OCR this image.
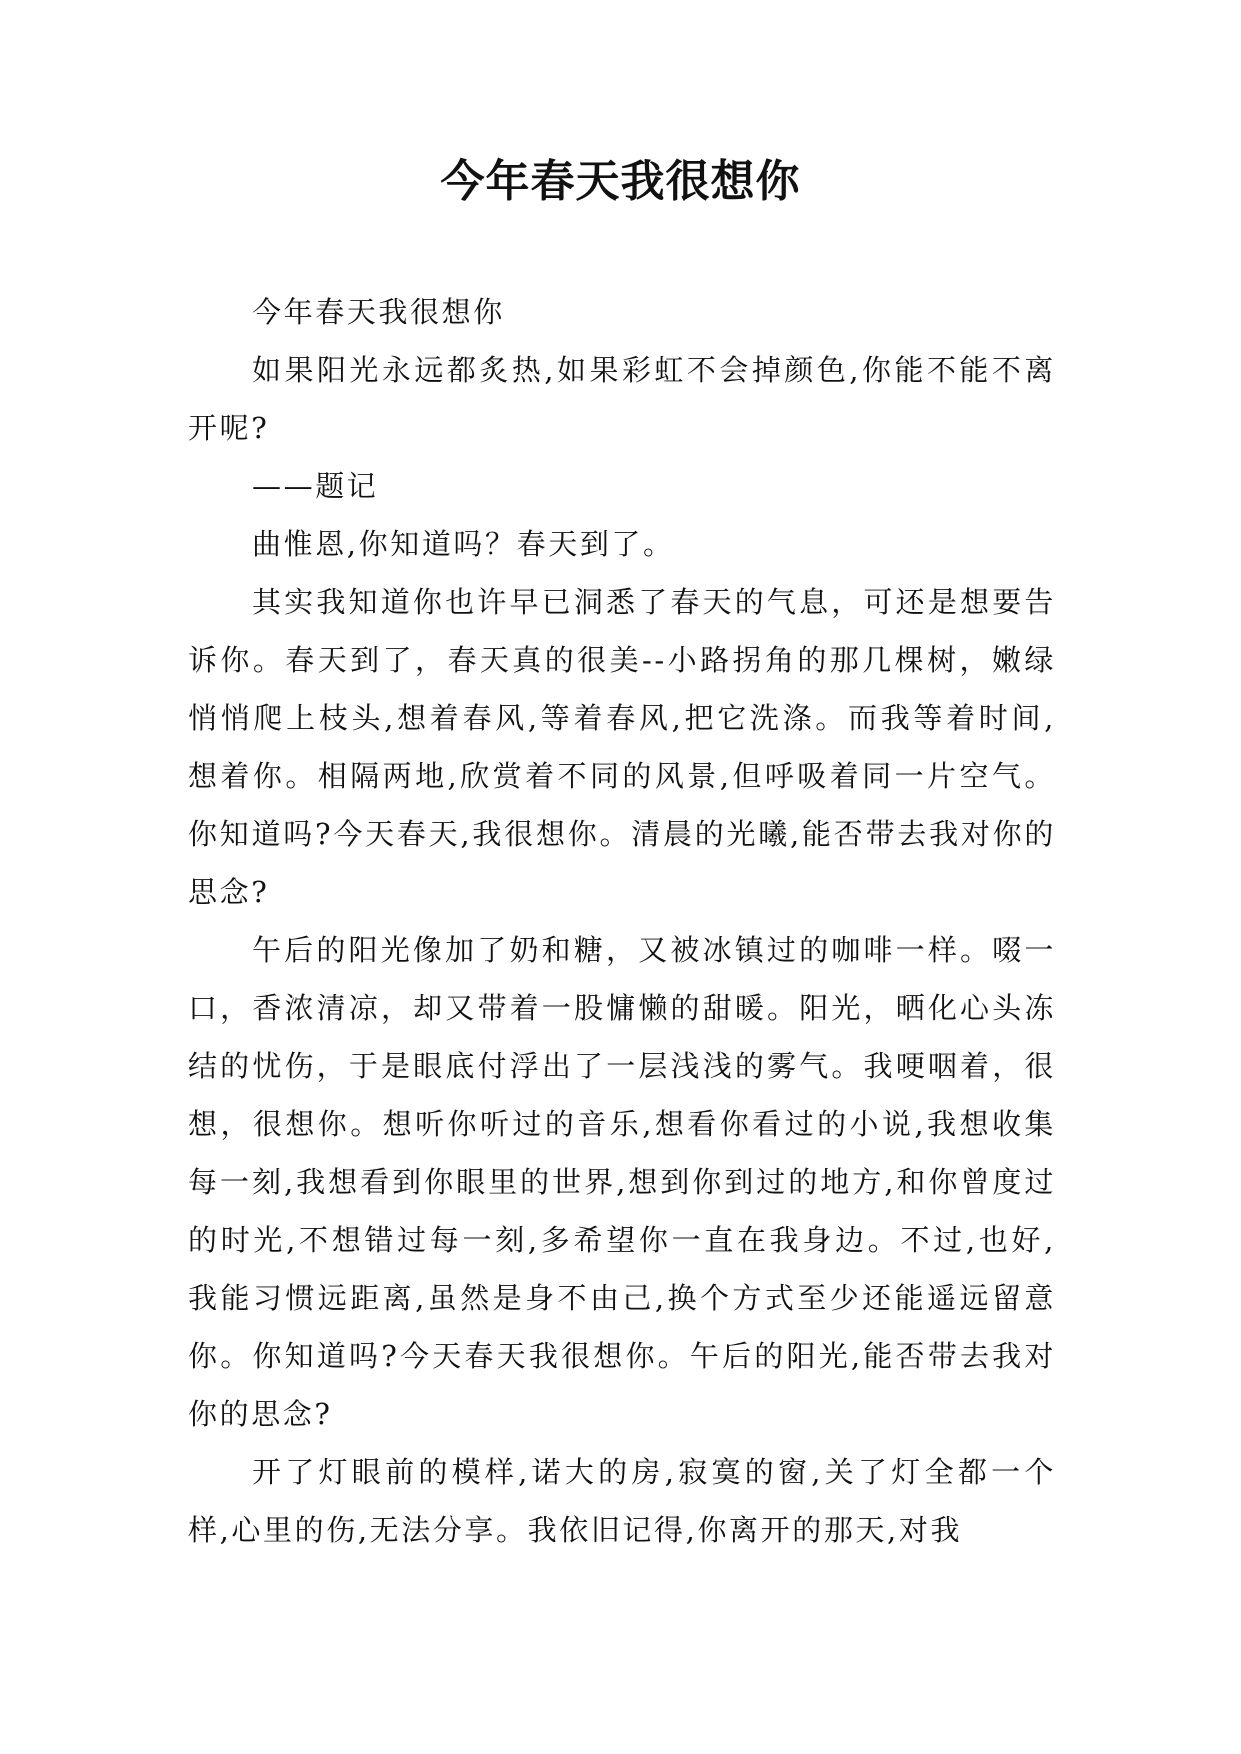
今年春天我很想你

今年春天我很想你

如果阳光永远都炙热,如果彩虹不会掉颜色,你能不能不离开呢?

——题记

曲惟恩,你知道吗？春天到了。

其实我知道你也许早已洞悉了春天的气息，可还是想要告诉你。春天到了，春天真的很美--小路拐角的那几棵树，嫩绿悄悄爬上枝头,想着春风,等着春风,把它洗涤。而我等着时间,想着你。相隔两地,欣赏着不同的风景,但呼吸着同一片空气。你知道吗?今天春天,我很想你。清晨的光曦,能否带去我对你的思念?

午后的阳光像加了奶和糖，又被冰镇过的咖啡一样。啜一口，香浓清凉，却又带着一股慵懒的甜暖。阳光，晒化心头冻结的忧伤，于是眼底付浮出了一层浅浅的雾气。我哽咽着，很想，很想你。想听你听过的音乐,想看你看过的小说,我想收集每一刻,我想看到你眼里的世界,想到你到过的地方,和你曾度过的时光,不想错过每一刻,多希望你一直在我身边。不过,也好,我能习惯远距离,虽然是身不由己,换个方式至少还能遥远留意你。你知道吗?今天春天我很想你。午后的阳光,能否带去我对你的思念?

开了灯眼前的模样,诺大的房,寂寞的窗,关了灯全都一个样,心里的伤,无法分享。我依旧记得,你离开的那天,对我
